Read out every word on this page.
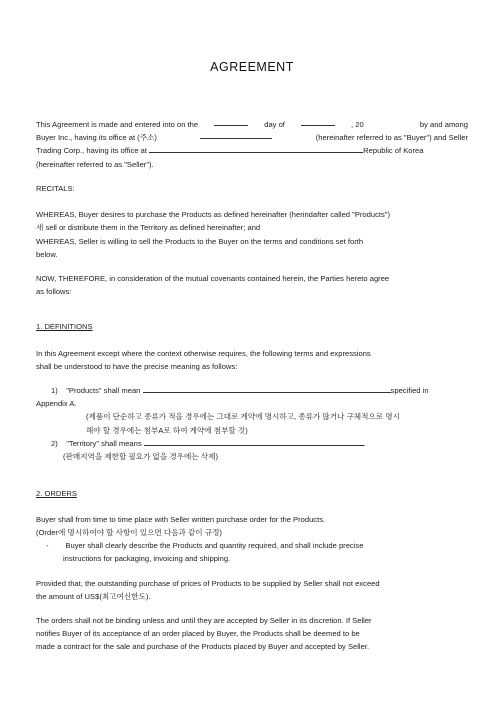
AGREEMENT
This Agreement is made and entered into on the	day of	, 20	by and among
Buyer Inc., having its office at (주소)	(hereinafter referred to as "Buyer") and Seller
Trading Corp., having its office at	Republic of Korea
(hereinafter referred to as "Seller").
RECITALS:
WHEREAS, Buyer desires to purchase the Products as defined hereinafter (herindafter called "Products")
새 sell or distribute them in the Territory as defined hereinafter; and
WHEREAS, Seller is willing to sell the Products to the Buyer on the terms and conditions set forth
below.
NOW, THEREFORE, in consideration of the mutual covenants contained herein, the Parties hereto agree
as follows:
1. DEFINITIONS
In this Agreement except where the context otherwise requires, the following terms and expressions
shall be understood to have the precise meaning as follows:
1) "Products" shall mean	specified in
Appendix A.
(제품이 단순하고 종류가 적을 경우에는 그대로 계약에 명시하고, 종류가 많거나 구체적으로 명시
해야 할 경우에는 첨부A로 하여 계약에 첨부할 것)
2) "Territory" shall means	.
(판매지역을 제한할 필요가 없을 경우에는 삭제)
2. ORDERS
Buyer shall from time to time place with Seller written purchase order for the Products.
(Order에 명시하여야 할 사항이 있으면 다음과 같이 규정)
- Buyer shall clearly describe the Products and quantity required, and shall include precise
instructions for packaging, invoicing and shipping.
Provided that, the outstanding purchase of prices of Products to be supplied by Seller shall not exceed
the amount of US$(최고여신한도).
The orders shall not be binding unless and until they are accepted by Seller in its discretion. If Seller
notifies Buyer of its acceptance of an order placed by Buyer, the Products shall be deemed to be
made a contract for the sale and purchase of the Products placed by Buyer and accepted by Seller.
